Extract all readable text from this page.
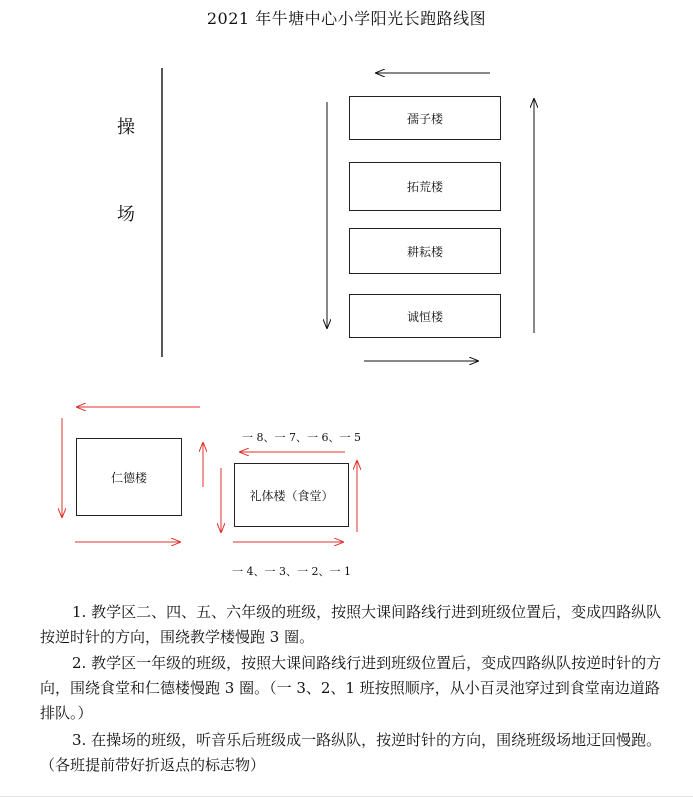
2021 年牛塘中心小学阳光长跑路线图
操
场
孺子楼
拓荒楼
耕耘楼
诚恒楼
仁德楼
礼体楼（食堂）
一 8、一 7、一 6、一 5
一 4、一 3、一 2、一 1

1. 教学区二、四、五、六年级的班级，按照大课间路线行进到班级位置后，变成四路纵队按逆时针的方向，围绕教学楼慢跑 3 圈。

2. 教学区一年级的班级，按照大课间路线行进到班级位置后，变成四路纵队按逆时针的方向，围绕食堂和仁德楼慢跑 3 圈。（一 3、2、1 班按照顺序，从小百灵池穿过到食堂南边道路排队。）

3. 在操场的班级，听音乐后班级成一路纵队，按逆时针的方向，围绕班级场地迂回慢跑。（各班提前带好折返点的标志物）
